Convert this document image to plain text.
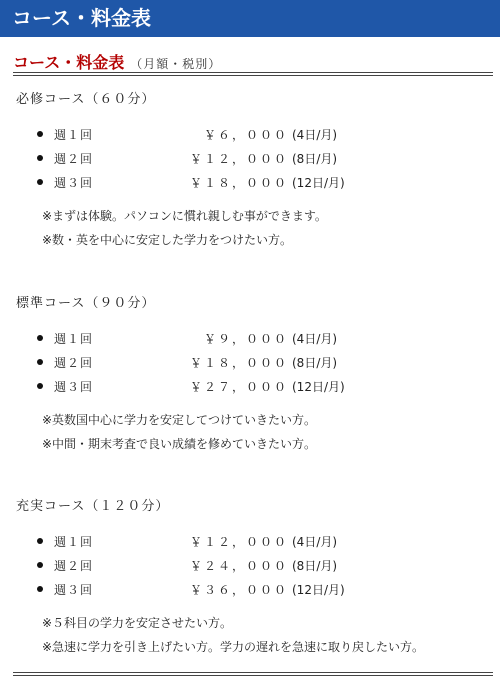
コース・料金表
コース・料金表 （月額・税別）
必修コース（６０分）
週１回	￥６，０００ (4日/月)
週２回	￥１２，０００ (8日/月)
週３回	￥１８，０００ (12日/月)
※まずは体験。パソコンに慣れ親しむ事ができます。
※数・英を中心に安定した学力をつけたい方。
標準コース（９０分）
週１回	￥９，０００ (4日/月)
週２回	￥１８，０００ (8日/月)
週３回	￥２７，０００ (12日/月)
※英数国中心に学力を安定してつけていきたい方。
※中間・期末考査で良い成績を修めていきたい方。
充実コース（１２０分）
週１回	￥１２，０００ (4日/月)
週２回	￥２４，０００ (8日/月)
週３回	￥３６，０００ (12日/月)
※５科目の学力を安定させたい方。
※急速に学力を引き上げたい方。学力の遅れを急速に取り戻したい方。
